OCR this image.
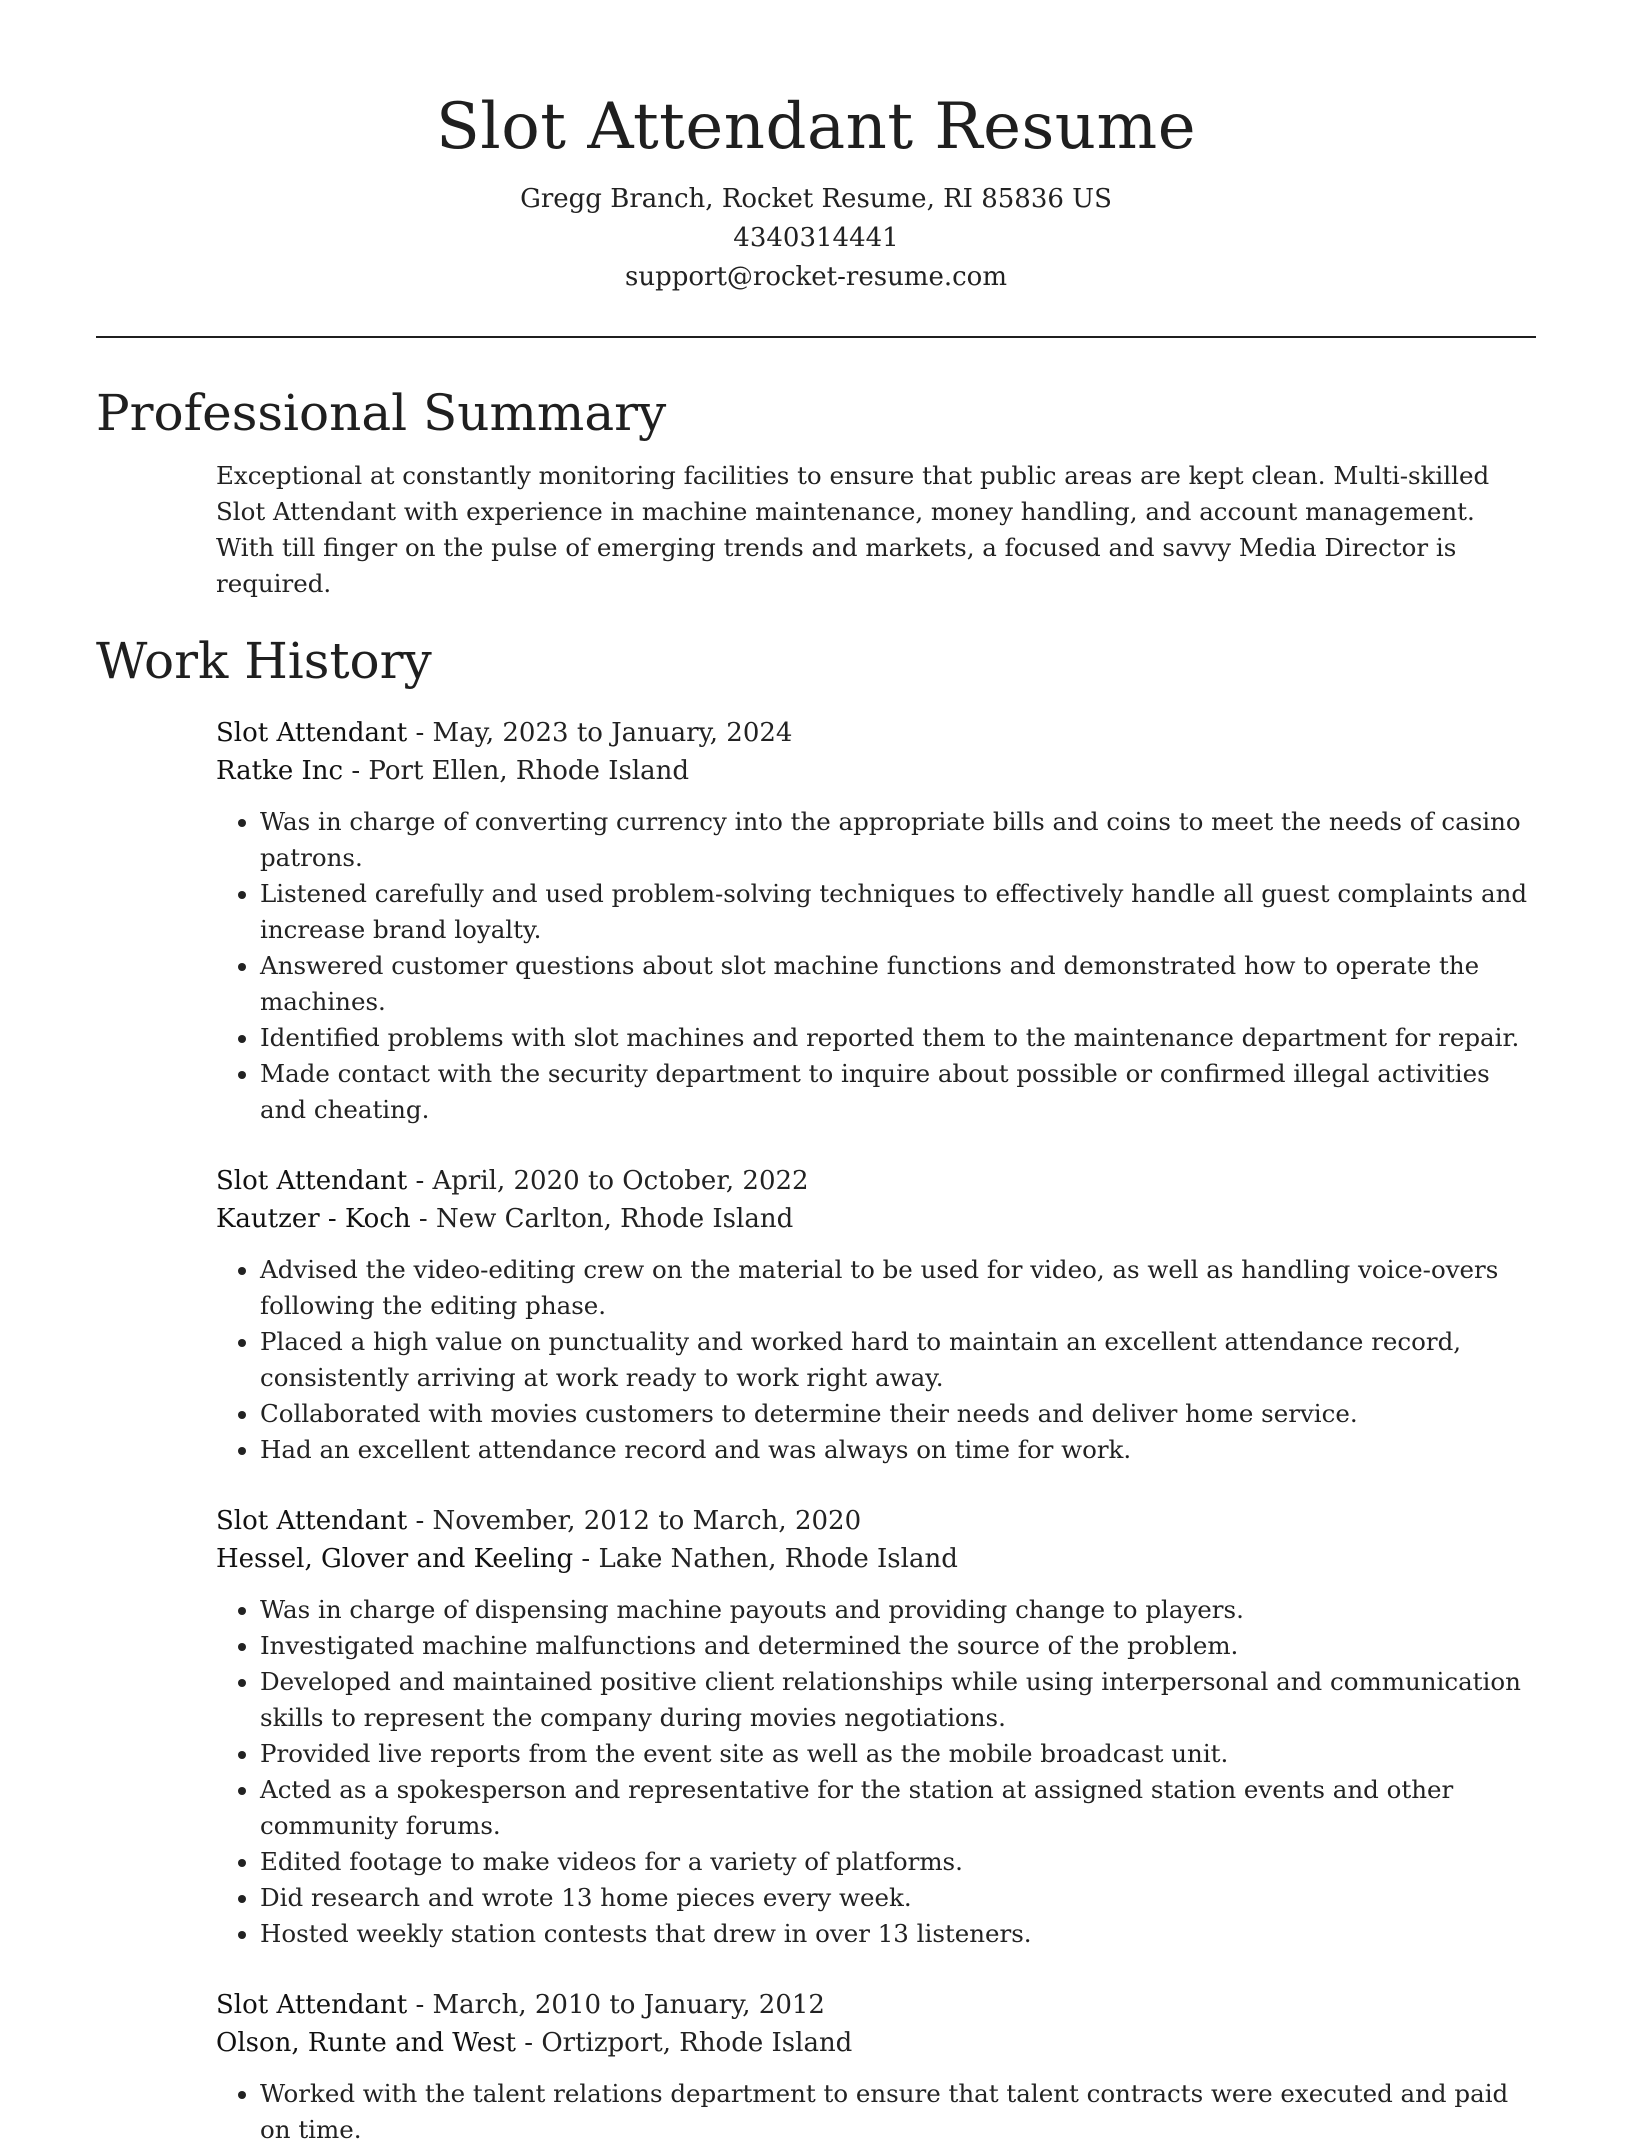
Slot Attendant Resume
Gregg Branch, Rocket Resume, RI 85836 US
4340314441
support@rocket-resume.com
Professional Summary
Exceptional at constantly monitoring facilities to ensure that public areas are kept clean. Multi-skilled Slot Attendant with experience in machine maintenance, money handling, and account management. With till finger on the pulse of emerging trends and markets, a focused and savvy Media Director is required.
Work History
Slot Attendant - May, 2023 to January, 2024
Ratke Inc - Port Ellen, Rhode Island
• Was in charge of converting currency into the appropriate bills and coins to meet the needs of casino patrons.
• Listened carefully and used problem-solving techniques to effectively handle all guest complaints and increase brand loyalty.
• Answered customer questions about slot machine functions and demonstrated how to operate the machines.
• Identified problems with slot machines and reported them to the maintenance department for repair.
• Made contact with the security department to inquire about possible or confirmed illegal activities and cheating.
Slot Attendant - April, 2020 to October, 2022
Kautzer - Koch - New Carlton, Rhode Island
• Advised the video-editing crew on the material to be used for video, as well as handling voice-overs following the editing phase.
• Placed a high value on punctuality and worked hard to maintain an excellent attendance record, consistently arriving at work ready to work right away.
• Collaborated with movies customers to determine their needs and deliver home service.
• Had an excellent attendance record and was always on time for work.
Slot Attendant - November, 2012 to March, 2020
Hessel, Glover and Keeling - Lake Nathen, Rhode Island
• Was in charge of dispensing machine payouts and providing change to players.
• Investigated machine malfunctions and determined the source of the problem.
• Developed and maintained positive client relationships while using interpersonal and communication skills to represent the company during movies negotiations.
• Provided live reports from the event site as well as the mobile broadcast unit.
• Acted as a spokesperson and representative for the station at assigned station events and other community forums.
• Edited footage to make videos for a variety of platforms.
• Did research and wrote 13 home pieces every week.
• Hosted weekly station contests that drew in over 13 listeners.
Slot Attendant - March, 2010 to January, 2012
Olson, Runte and West - Ortizport, Rhode Island
• Worked with the talent relations department to ensure that talent contracts were executed and paid on time.
